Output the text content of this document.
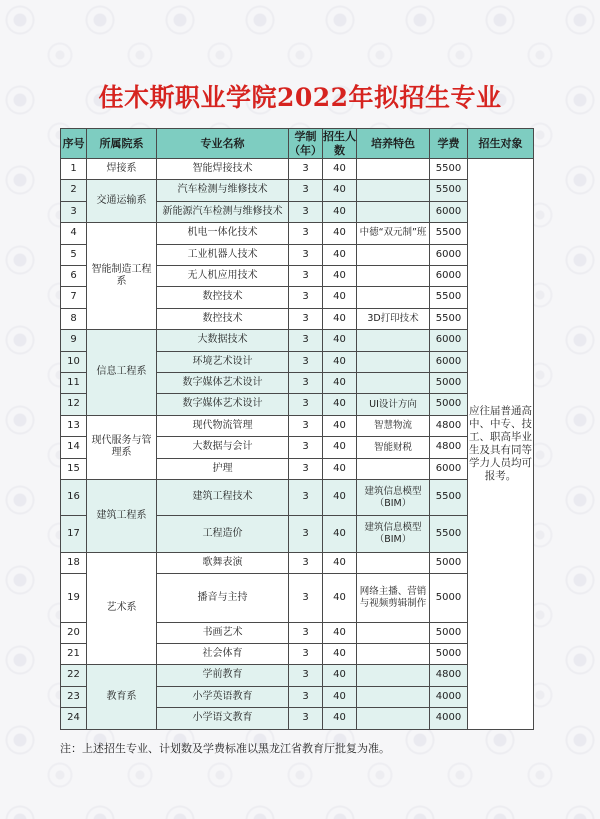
佳木斯职业学院2022年拟招生专业
序号	所属院系	专业名称	学制（年）	招生人数	培养特色	学费	招生对象
1	焊接系	智能焊接技术	3	40		5500	应往届普通高中、中专、技工、职高毕业生及具有同等学力人员均可报考。
2	交通运输系	汽车检测与维修技术	3	40		5500	
3		新能源汽车检测与维修技术	3	40		6000	
4	智能制造工程系	机电一体化技术	3	40	中德“双元制”班	5500	
5		工业机器人技术	3	40		6000	
6		无人机应用技术	3	40		6000	
7		数控技术	3	40		5500	
8		数控技术	3	40	3D打印技术	5500	
9	信息工程系	大数据技术	3	40		6000	
10		环境艺术设计	3	40		6000	
11		数字媒体艺术设计	3	40		5000	
12		数字媒体艺术设计	3	40	UI设计方向	5000	
13	现代服务与管理系	现代物流管理	3	40	智慧物流	4800	
14		大数据与会计	3	40	智能财税	4800	
15		护理	3	40		6000	
16	建筑工程系	建筑工程技术	3	40	建筑信息模型（BIM）	5500	
17		工程造价	3	40	建筑信息模型（BIM）	5500	
18	艺术系	歌舞表演	3	40		5000	
19		播音与主持	3	40	网络主播、营销与视频剪辑制作	5000	
20		书画艺术	3	40		5000	
21		社会体育	3	40		5000	
22	教育系	学前教育	3	40		4800	
23		小学英语教育	3	40		4000	
24		小学语文教育	3	40		4000	
注：上述招生专业、计划数及学费标准以黑龙江省教育厅批复为准。
